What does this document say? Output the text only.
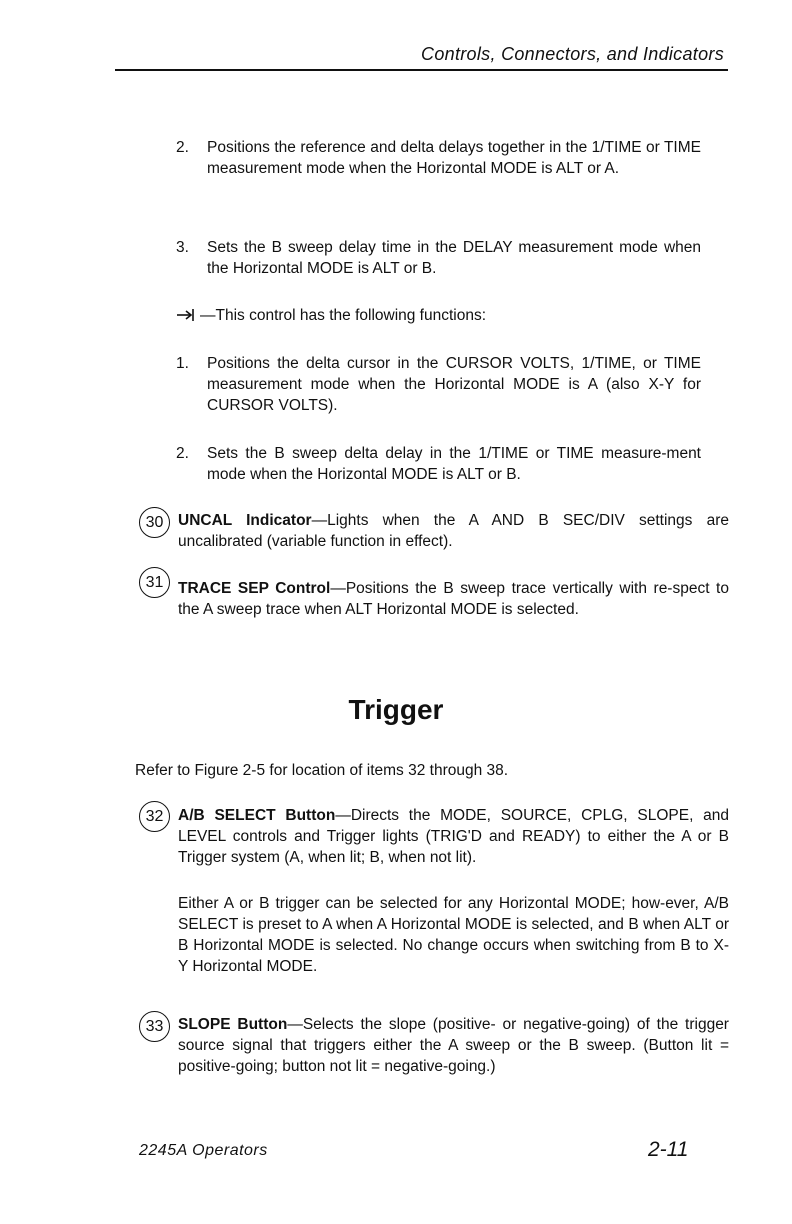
Controls, Connectors, and Indicators
2. Positions the reference and delta delays together in the 1/TIME or TIME measurement mode when the Horizontal MODE is ALT or A.

3. Sets the B sweep delay time in the DELAY measurement mode when the Horizontal MODE is ALT or B.

—This control has the following functions:

1. Positions the delta cursor in the CURSOR VOLTS, 1/TIME, or TIME measurement mode when the Horizontal MODE is A (also X-Y for CURSOR VOLTS).

2. Sets the B sweep delta delay in the 1/TIME or TIME measure-ment mode when the Horizontal MODE is ALT or B.

30 UNCAL Indicator—Lights when the A AND B SEC/DIV settings are uncalibrated (variable function in effect).

31 TRACE SEP Control—Positions the B sweep trace vertically with re-spect to the A sweep trace when ALT Horizontal MODE is selected.

Trigger

Refer to Figure 2-5 for location of items 32 through 38.

32 A/B SELECT Button—Directs the MODE, SOURCE, CPLG, SLOPE, and LEVEL controls and Trigger lights (TRIG'D and READY) to either the A or B Trigger system (A, when lit; B, when not lit).

Either A or B trigger can be selected for any Horizontal MODE; how-ever, A/B SELECT is preset to A when A Horizontal MODE is selected, and B when ALT or B Horizontal MODE is selected. No change occurs when switching from B to X-Y Horizontal MODE.

33 SLOPE Button—Selects the slope (positive- or negative-going) of the trigger source signal that triggers either the A sweep or the B sweep. (Button lit = positive-going; button not lit = negative-going.)

2245A Operators	2-11
